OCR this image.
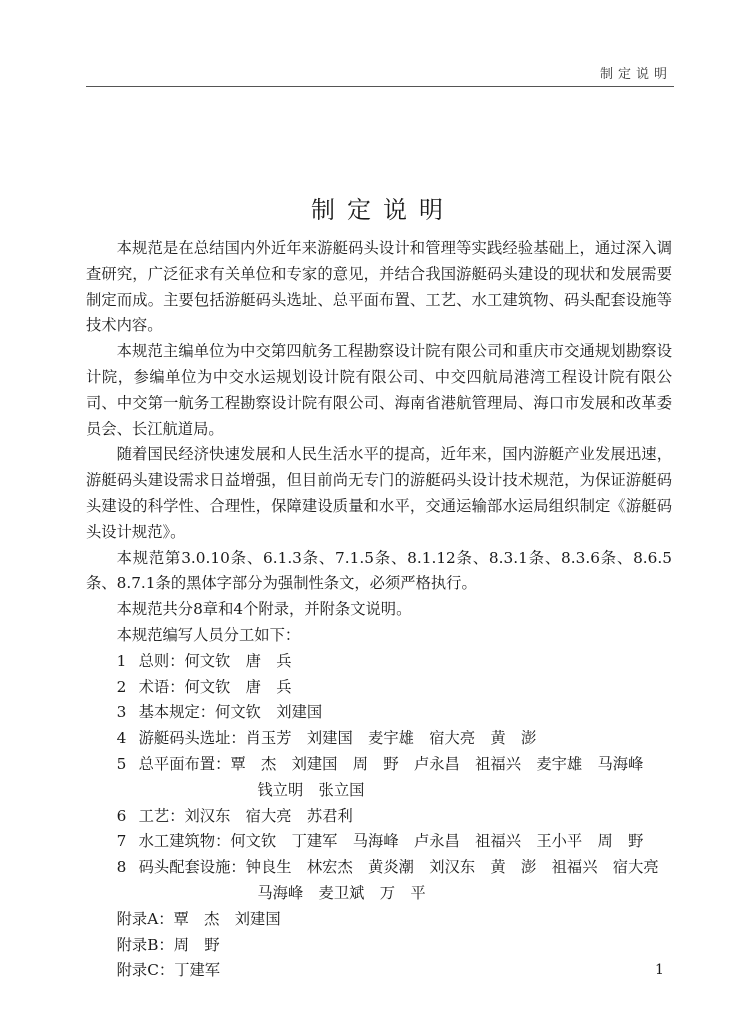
制定说明
制定说明

本规范是在总结国内外近年来游艇码头设计和管理等实践经验基础上，通过深入调查研究，广泛征求有关单位和专家的意见，并结合我国游艇码头建设的现状和发展需要制定而成。主要包括游艇码头选址、总平面布置、工艺、水工建筑物、码头配套设施等技术内容。

本规范主编单位为中交第四航务工程勘察设计院有限公司和重庆市交通规划勘察设计院，参编单位为中交水运规划设计院有限公司、中交四航局港湾工程设计院有限公司、中交第一航务工程勘察设计院有限公司、海南省港航管理局、海口市发展和改革委员会、长江航道局。

随着国民经济快速发展和人民生活水平的提高，近年来，国内游艇产业发展迅速，游艇码头建设需求日益增强，但目前尚无专门的游艇码头设计技术规范，为保证游艇码头建设的科学性、合理性，保障建设质量和水平，交通运输部水运局组织制定《游艇码头设计规范》。

本规范第3.0.10条、6.1.3条、7.1.5条、8.1.12条、8.3.1条、8.3.6条、8.6.5条、8.7.1条的黑体字部分为强制性条文，必须严格执行。

本规范共分8章和4个附录，并附条文说明。

本规范编写人员分工如下：

1 总则：何文钦　唐　兵
2 术语：何文钦　唐　兵
3 基本规定：何文钦　刘建国
4 游艇码头选址：肖玉芳　刘建国　麦宇雄　宿大亮　黄　澎
5 总平面布置：覃　杰　刘建国　周　野　卢永昌　祖福兴　麦宇雄　马海峰
钱立明　张立国
6 工艺：刘汉东　宿大亮　苏君利
7 水工建筑物：何文钦　丁建军　马海峰　卢永昌　祖福兴　王小平　周　野
8 码头配套设施：钟良生　林宏杰　黄炎潮　刘汉东　黄　澎　祖福兴　宿大亮
马海峰　麦卫斌　万　平

附录A：覃　杰　刘建国

附录B：周　野

附录C：丁建军	1
